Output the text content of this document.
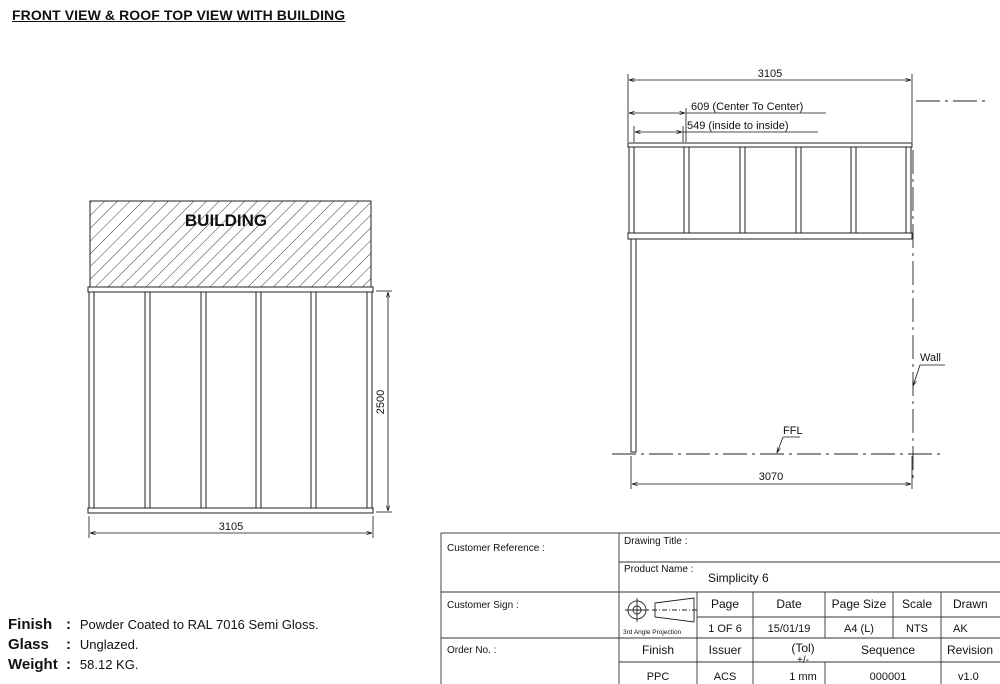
FRONT VIEW & ROOF TOP VIEW WITH BUILDING
BUILDING
2500
3105
3105
609 (Center To Center)
549 (inside to inside)
Wall
FFL
3070
Customer Reference :
Customer Sign :
Order No. :
Drawing Title :
Product Name :
Simplicity 6
3rd Angle Projection
Page
1 OF 6
Date
15/01/19
Page Size
A4 (L)
Scale
NTS
Drawn
AK
Finish
PPC
Issuer
ACS
(Tol)
+/-
1 mm
Sequence
000001
Revision
v1.0
Finish : Powder Coated to RAL 7016 Semi Gloss.
Glass : Unglazed.
Weight : 58.12 KG.
